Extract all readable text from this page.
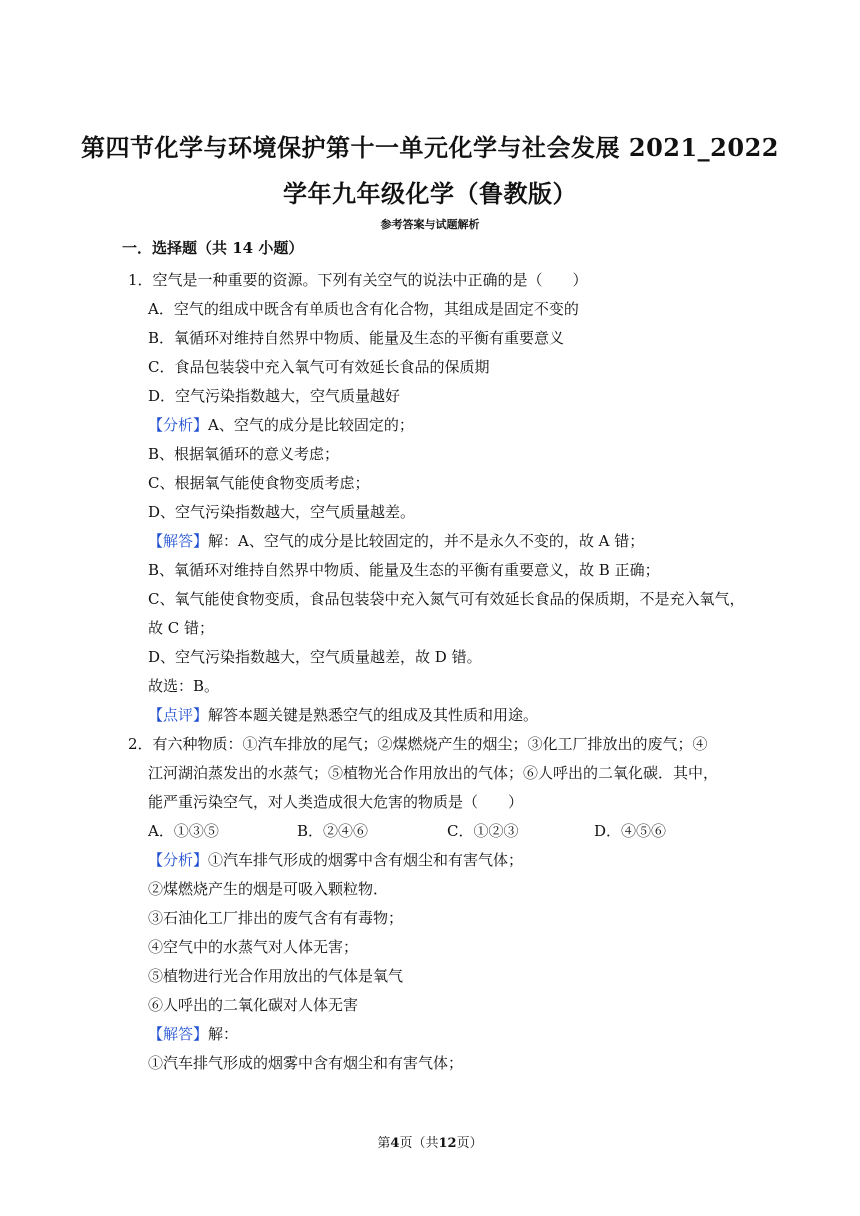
第四节化学与环境保护第十一单元化学与社会发展 2021_2022
学年九年级化学（鲁教版）
参考答案与试题解析
一．选择题（共 14 小题）
1．空气是一种重要的资源。下列有关空气的说法中正确的是（　　）
A．空气的组成中既含有单质也含有化合物，其组成是固定不变的
B．氧循环对维持自然界中物质、能量及生态的平衡有重要意义
C．食品包装袋中充入氧气可有效延长食品的保质期
D．空气污染指数越大，空气质量越好
【分析】A、空气的成分是比较固定的；
B、根据氧循环的意义考虑；
C、根据氧气能使食物变质考虑；
D、空气污染指数越大，空气质量越差。
【解答】解：A、空气的成分是比较固定的，并不是永久不变的，故 A 错；
B、氧循环对维持自然界中物质、能量及生态的平衡有重要意义，故 B 正确；
C、氧气能使食物变质，食品包装袋中充入氮气可有效延长食品的保质期，不是充入氧气，
故 C 错；
D、空气污染指数越大，空气质量越差，故 D 错。
故选：B。
【点评】解答本题关键是熟悉空气的组成及其性质和用途。
2．有六种物质：①汽车排放的尾气；②煤燃烧产生的烟尘；③化工厂排放出的废气；④
江河湖泊蒸发出的水蒸气；⑤植物光合作用放出的气体；⑥人呼出的二氧化碳．其中，
能严重污染空气，对人类造成很大危害的物质是（　　）
A．①③⑤	B．②④⑥	C．①②③	D．④⑤⑥
【分析】①汽车排气形成的烟雾中含有烟尘和有害气体；
②煤燃烧产生的烟是可吸入颗粒物．
③石油化工厂排出的废气含有有毒物；
④空气中的水蒸气对人体无害；
⑤植物进行光合作用放出的气体是氧气
⑥人呼出的二氧化碳对人体无害
【解答】解：
①汽车排气形成的烟雾中含有烟尘和有害气体；
第4页（共12页）
